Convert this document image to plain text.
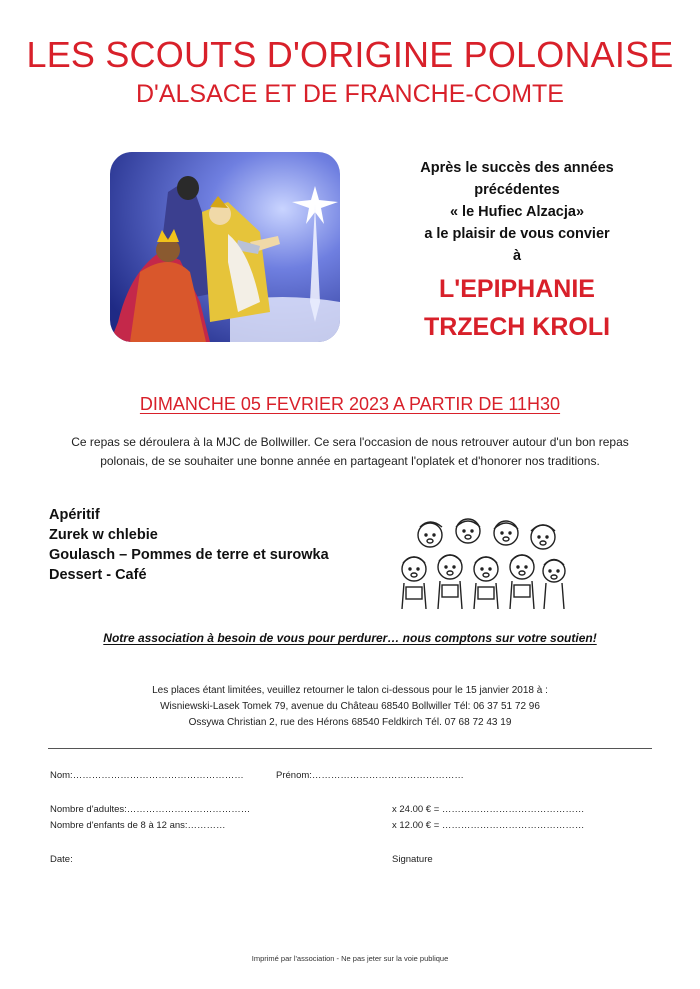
LES SCOUTS D'ORIGINE POLONAISE
D'ALSACE ET DE FRANCHE-COMTE
Après le succès des années
précédentes
« le Hufiec Alzacja»
a le plaisir de vous convier
à
L'EPIPHANIE
TRZECH KROLI
DIMANCHE 05 FEVRIER 2023 A PARTIR DE 11H30
Ce repas se déroulera à la MJC de Bollwiller. Ce sera l'occasion de nous retrouver autour d'un bon repas polonais, de se souhaiter une bonne année en partageant l'oplatek et d'honorer nos traditions.
Apéritif
Zurek w chlebie
Goulasch – Pommes de terre et surowka
Dessert - Café
Notre association à besoin de vous pour perdurer… nous comptons sur votre soutien!
Les places étant limitées, veuillez retourner le talon ci-dessous pour le 15 janvier 2018 à :
Wisniewski-Lasek Tomek 79, avenue du Château 68540 Bollwiller Tél: 06 37 51 72 96
Ossywa Christian 2, rue des Hérons 68540 Feldkirch Tél. 07 68 72 43 19
Nom:………………………………………………	Prénom:…………………………………………
Nombre d'adultes:…………………………………	x 24.00 € = ………………………………………
Nombre d'enfants de 8 à 12 ans:…………	x 12.00 € = ………………………………………
Date:	Signature
Imprimé par l'association - Ne pas jeter sur la voie publique
